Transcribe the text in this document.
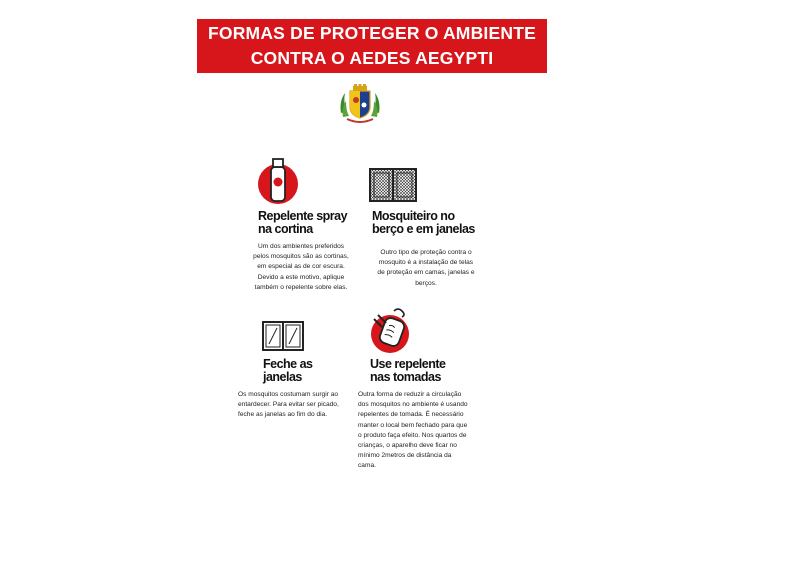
FORMAS DE PROTEGER O AMBIENTE
CONTRA O AEDES AEGYPTI
Repelente spray
na cortina
Um dos ambientes preferidos
pelos mosquitos são as cortinas,
em especial as de cor escura.
Devido a este motivo, aplique
também o repelente sobre elas.
Mosquiteiro no
berço e em janelas
Outro tipo de proteção contra o
mosquito é a instalação de telas
de proteção em camas, janelas e
berços.
Feche as
janelas
Os mosquitos costumam surgir ao
entardecer. Para evitar ser picado,
feche as janelas ao fim do dia.
Use repelente
nas tomadas
Outra forma de reduzir a circulação
dos mosquitos no ambiente é usando
repelentes de tomada. É necessário
manter o local bem fechado para que
o produto faça efeito. Nos quartos de
crianças, o aparelho deve ficar no
mínimo 2metros de distância da
cama.
